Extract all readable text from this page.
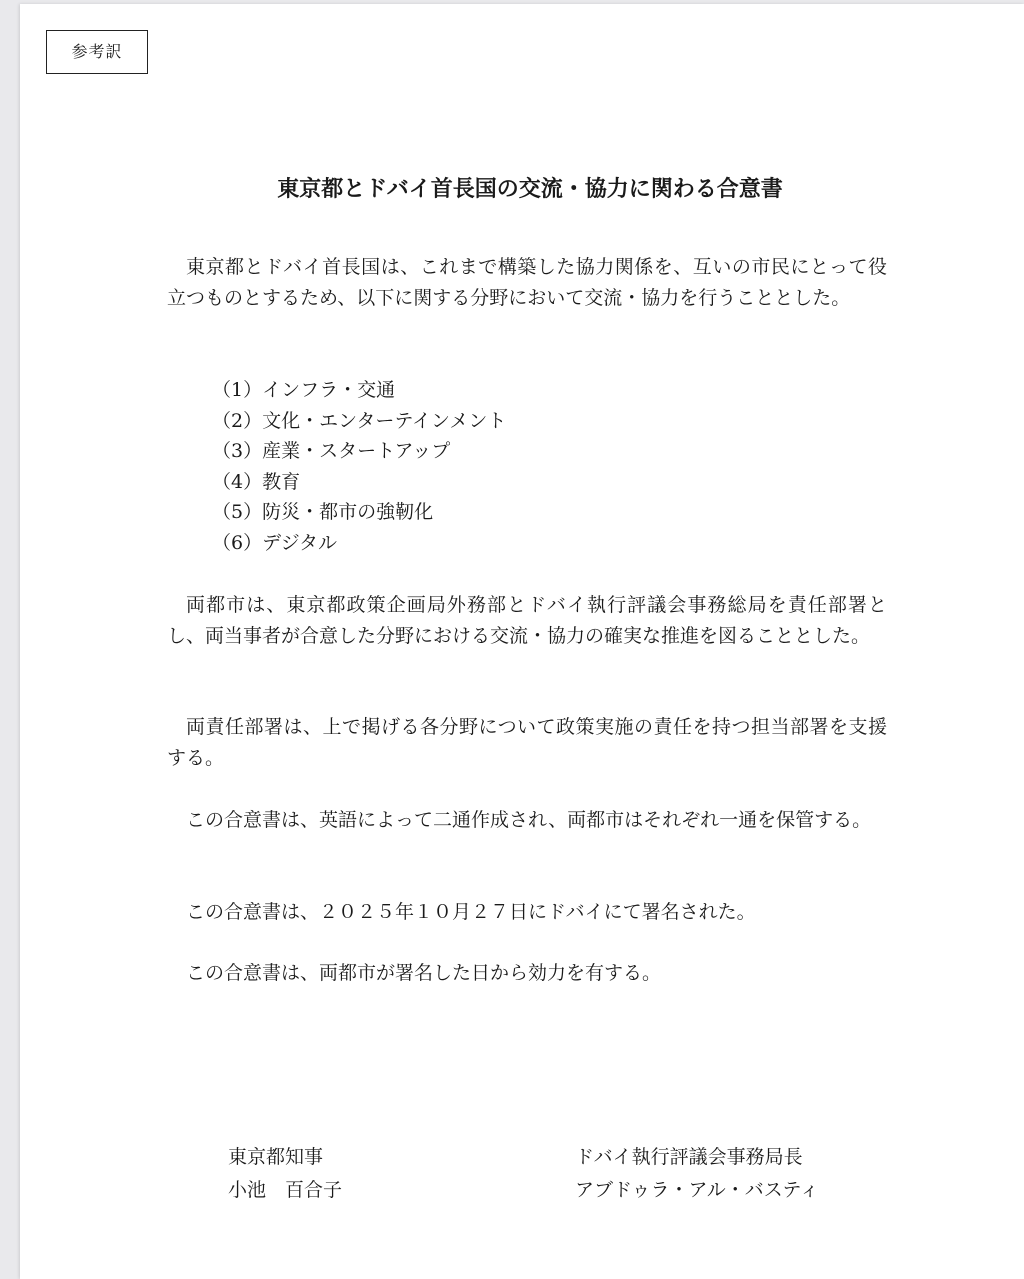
参考訳
東京都とドバイ首長国の交流・協力に関わる合意書
東京都とドバイ首長国は、これまで構築した協力関係を、互いの市民にとって役立つものとするため、以下に関する分野において交流・協力を行うこととした。
（1）インフラ・交通
（2）文化・エンターテインメント
（3）産業・スタートアップ
（4）教育
（5）防災・都市の強靭化
（6）デジタル
両都市は、東京都政策企画局外務部とドバイ執行評議会事務総局を責任部署とし、両当事者が合意した分野における交流・協力の確実な推進を図ることとした。
両責任部署は、上で掲げる各分野について政策実施の責任を持つ担当部署を支援する。
この合意書は、英語によって二通作成され、両都市はそれぞれ一通を保管する。
この合意書は、２０２５年１０月２７日にドバイにて署名された。
この合意書は、両都市が署名した日から効力を有する。
東京都知事
小池　百合子
ドバイ執行評議会事務局長
アブドゥラ・アル・バスティ
